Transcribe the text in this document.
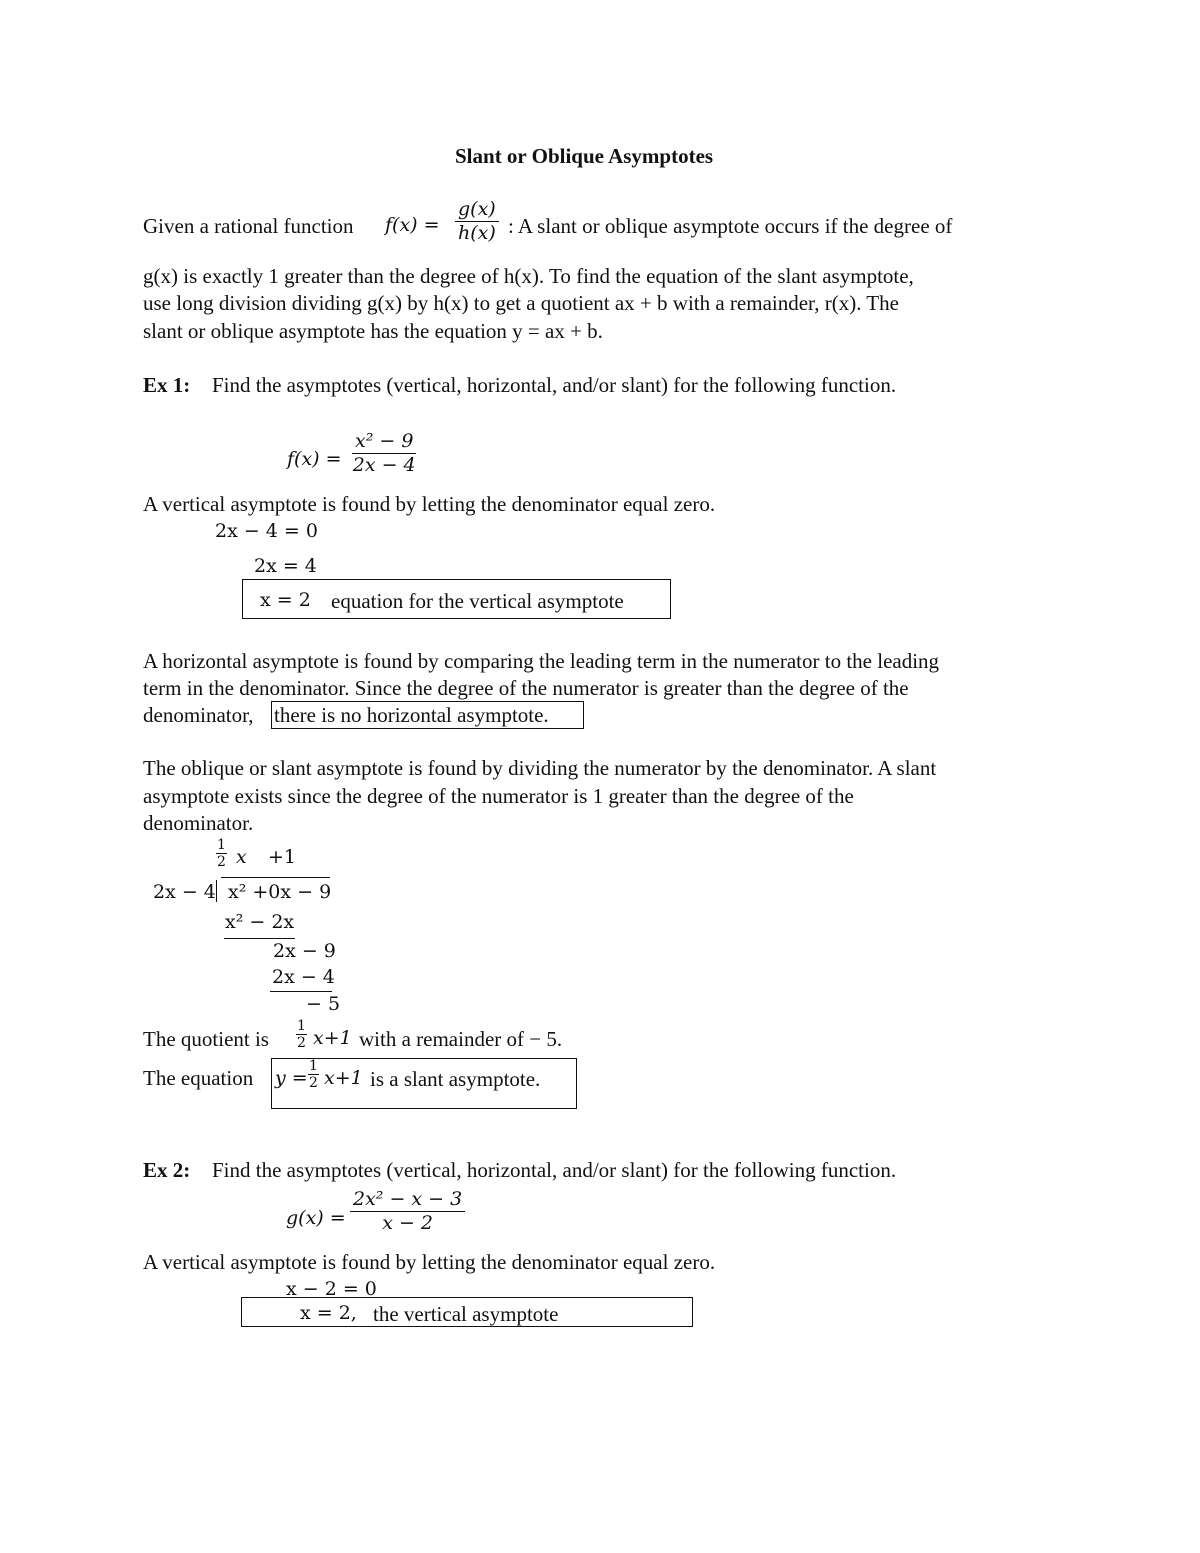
Slant or Oblique Asymptotes
Given a rational function $f(x) = \frac{g(x)}{h(x)}$ : A slant or oblique asymptote occurs if the degree of
g(x) is exactly 1 greater than the degree of h(x). To find the equation of the slant asymptote,
use long division dividing g(x) by h(x) to get a quotient ax + b with a remainder, r(x). The
slant or oblique asymptote has the equation y = ax + b.
Ex 1: Find the asymptotes (vertical, horizontal, and/or slant) for the following function.
$f(x) = \frac{\text{x² − 9}}{2x - 4}$
A vertical asymptote is found by letting the denominator equal zero.
2x − 4 = 0
2x = 4
x = 2 equation for the vertical asymptote
A horizontal asymptote is found by comparing the leading term in the numerator to the leading
term in the denominator. Since the degree of the numerator is greater than the degree of the
denominator, there is no horizontal asymptote.
The oblique or slant asymptote is found by dividing the numerator by the denominator. A slant
asymptote exists since the degree of the numerator is 1 greater than the degree of the
denominator.
$\frac{1}{2}$ x +1
2x − 4 x² +0x − 9
x² − 2x
2x − 9
2x − 4
− 5
The quotient is $\frac{1}{2} x+1$ with a remainder of − 5.
The equation $y = \frac{1}{2} x+1$ is a slant asymptote.
Ex 2: Find the asymptotes (vertical, horizontal, and/or slant) for the following function.
$g(x) = \frac{\text{2x² − x − 3}}{x - 2}$
A vertical asymptote is found by letting the denominator equal zero.
x − 2 = 0
x = 2, the vertical asymptote
